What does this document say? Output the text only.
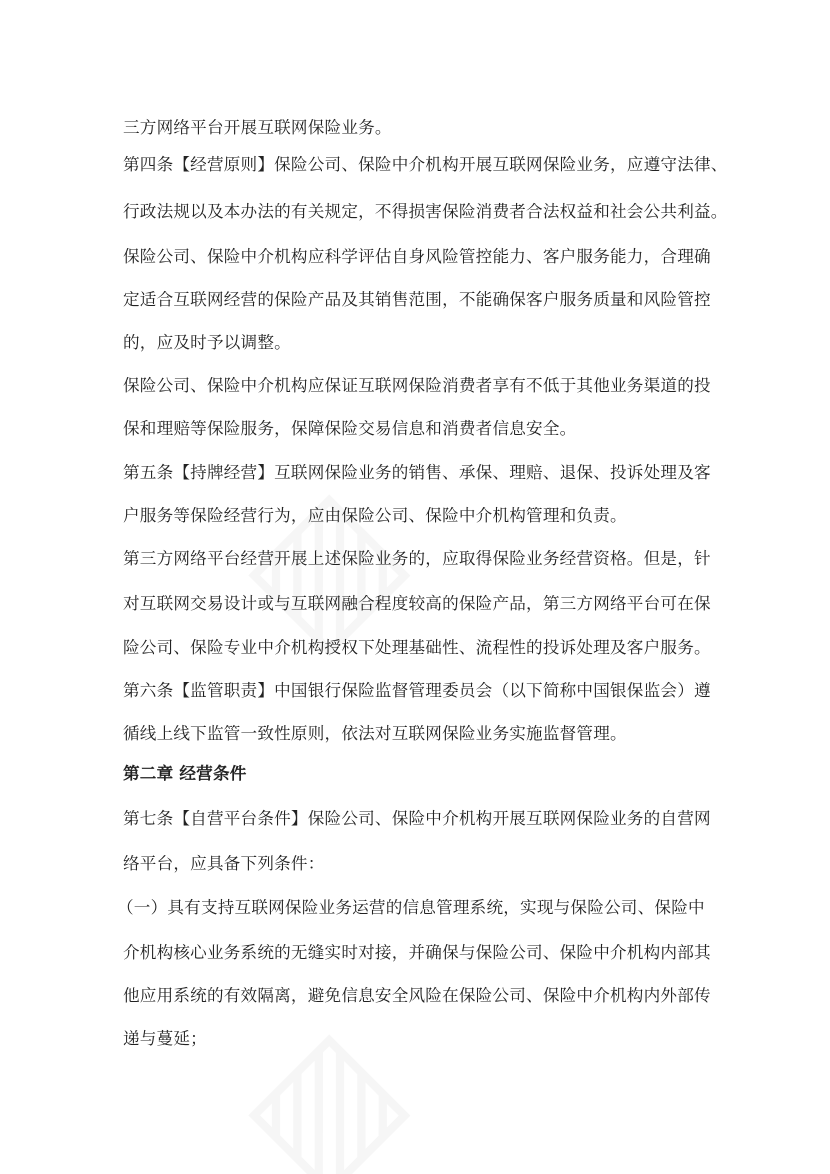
三方网络平台开展互联网保险业务。
第四条【经营原则】保险公司、保险中介机构开展互联网保险业务，应遵守法律、
行政法规以及本办法的有关规定，不得损害保险消费者合法权益和社会公共利益。
保险公司、保险中介机构应科学评估自身风险管控能力、客户服务能力，合理确
定适合互联网经营的保险产品及其销售范围，不能确保客户服务质量和风险管控
的，应及时予以调整。
保险公司、保险中介机构应保证互联网保险消费者享有不低于其他业务渠道的投
保和理赔等保险服务，保障保险交易信息和消费者信息安全。
第五条【持牌经营】互联网保险业务的销售、承保、理赔、退保、投诉处理及客
户服务等保险经营行为，应由保险公司、保险中介机构管理和负责。
第三方网络平台经营开展上述保险业务的，应取得保险业务经营资格。但是，针
对互联网交易设计或与互联网融合程度较高的保险产品，第三方网络平台可在保
险公司、保险专业中介机构授权下处理基础性、流程性的投诉处理及客户服务。
第六条【监管职责】中国银行保险监督管理委员会（以下简称中国银保监会）遵
循线上线下监管一致性原则，依法对互联网保险业务实施监督管理。
第二章 经营条件
第七条【自营平台条件】保险公司、保险中介机构开展互联网保险业务的自营网
络平台，应具备下列条件：
（一）具有支持互联网保险业务运营的信息管理系统，实现与保险公司、保险中
介机构核心业务系统的无缝实时对接，并确保与保险公司、保险中介机构内部其
他应用系统的有效隔离，避免信息安全风险在保险公司、保险中介机构内外部传
递与蔓延；
